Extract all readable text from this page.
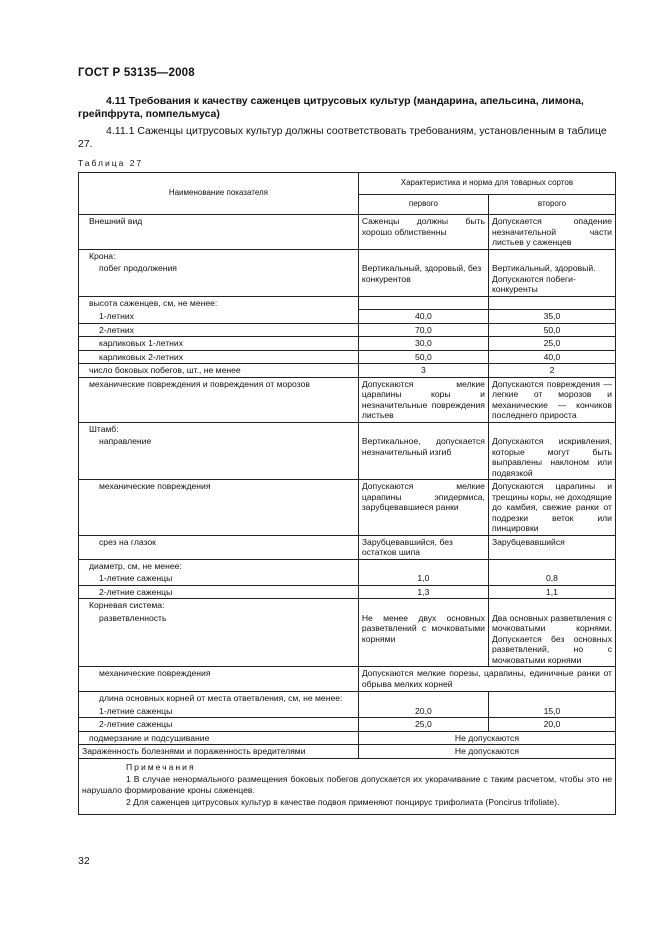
ГОСТ Р 53135—2008
4.11 Требования к качеству саженцев цитрусовых культур (мандарина, апельсина, лимона, грейпфрута, помпельмуса)
4.11.1 Саженцы цитрусовых культур должны соответствовать требованиям, установленным в таблице 27.
Таблица 27
Наименование показателя	Характеристика и норма для товарных сортов	
	первого	второго
Внешний вид	Саженцы должны быть хорошо облиственны	Допускается опадение незначительной части листьев у саженцев
Крона:		
побег продолжения	Вертикальный, здоровый, без конкурентов	Вертикальный, здоровый. Допускаются побеги-конкуренты
высота саженцев, см, не менее:		
1-летних	40,0	35,0
2-летних	70,0	50,0
карликовых 1-летних	30,0	25,0
карликовых 2-летних	50,0	40,0
число боковых побегов, шт., не менее	3	2
механические повреждения и повреждения от морозов	Допускаются мелкие царапины коры и незначительные повреждения листьев	Допускаются повреждения — легкие от морозов и механические — кончиков последнего прироста
Штамб:		
направление	Вертикальное, допускается незначительный изгиб	Допускаются искривления, которые могут быть выправлены наклоном или подвязкой
механические повреждения	Допускаются мелкие царапины эпидермиса, зарубцевавшиеся ранки	Допускаются царапины и трещины коры, не доходящие до камбия, свежие ранки от подрезки веток или пинцировки
срез на глазок	Зарубцевавшийся, без остатков шипа	Зарубцевавшийся
диаметр, см, не менее:		
1-летние саженцы	1,0	0,8
2-летние саженцы	1,3	1,1
Корневая система:		
разветвленность	Не менее двух основных разветвлений с мочковатыми корнями	Два основных разветвления с мочковатыми корнями. Допускается без основных разветвлений, но с мочковатыми корнями
механические повреждения	Допускаются мелкие порезы, царапины, единичные ранки от обрыва мелких корней	
длина основных корней от места ответвления, см, не менее:		
1-летние саженцы	20,0	15,0
2-летние саженцы	25,0	20,0
подмерзание и подсушивание	Не допускаются	
Зараженность болезнями и пораженность вредителями	Не допускаются	

Примечания

1 В случае ненормального размещения боковых побегов допускается их укорачивание с таким расчетом, чтобы это не нарушало формирование кроны саженцев.

2 Для саженцев цитрусовых культур в качестве подвоя применяют понцирус трифолиата (Poncirus trifoliate).		

32
